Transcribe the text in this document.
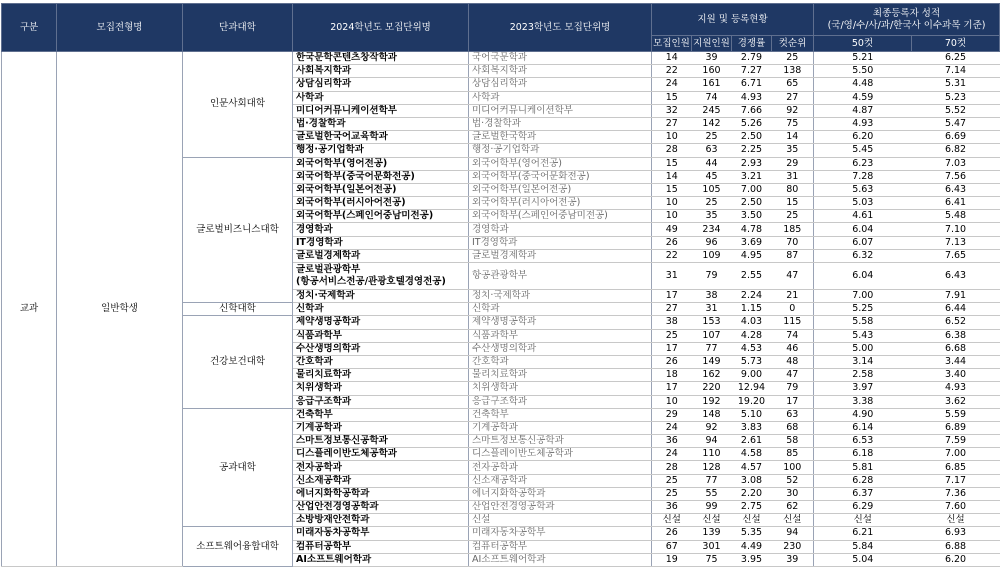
구분	모집전형명	단과대학	2024학년도 모집단위명	2023학년도 모집단위명	지원 및 등록현황				최종등록자 성적
(국/영/수/사/과/한국사 이수과목 기준)	
					모집인원	지원인원	경쟁률	컷순위	50컷	70컷
교과	일반학생	인문사회대학	한국문학콘텐츠창작학과	국어국문학과	14	39	2.79	25	5.21	6.25
			사회복지학과	사회복지학과	22	160	7.27	138	5.50	7.14
			상담심리학과	상담심리학과	24	161	6.71	65	4.48	5.31
			사학과	사학과	15	74	4.93	27	4.59	5.23
			미디어커뮤니케이션학부	미디어커뮤니케이션학부	32	245	7.66	92	4.87	5.52
			법·경찰학과	법·경찰학과	27	142	5.26	75	4.93	5.47
			글로벌한국어교육학과	글로벌한국학과	10	25	2.50	14	6.20	6.69
			행정·공기업학과	행정·공기업학과	28	63	2.25	35	5.45	6.82
		글로벌비즈니스대학	외국어학부(영어전공)	외국어학부(영어전공)	15	44	2.93	29	6.23	7.03
			외국어학부(중국어문화전공)	외국어학부(중국어문화전공)	14	45	3.21	31	7.28	7.56
			외국어학부(일본어전공)	외국어학부(일본어전공)	15	105	7.00	80	5.63	6.43
			외국어학부(러시아어전공)	외국어학부(러시아어전공)	10	25	2.50	15	5.03	6.41
			외국어학부(스페인어중남미전공)	외국어학부(스페인어중남미전공)	10	35	3.50	25	4.61	5.48
			경영학과	경영학과	49	234	4.78	185	6.04	7.10
			IT경영학과	IT경영학과	26	96	3.69	70	6.07	7.13
			글로벌경제학과	글로벌경제학과	22	109	4.95	87	6.32	7.65
			글로벌관광학부
(항공서비스전공/관광호텔경영전공)	항공관광학부	31	79	2.55	47	6.04	6.43
			정치·국제학과	정치·국제학과	17	38	2.24	21	7.00	7.91
		신학대학	신학과	신학과	27	31	1.15	0	5.25	6.44
		건강보건대학	제약생명공학과	제약생명공학과	38	153	4.03	115	5.58	6.52
			식품과학부	식품과학부	25	107	4.28	74	5.43	6.38
			수산생명의학과	수산생명의학과	17	77	4.53	46	5.00	6.68
			간호학과	간호학과	26	149	5.73	48	3.14	3.44
			물리치료학과	물리치료학과	18	162	9.00	47	2.58	3.40
			치위생학과	치위생학과	17	220	12.94	79	3.97	4.93
			응급구조학과	응급구조학과	10	192	19.20	17	3.38	3.62
		공과대학	건축학부	건축학부	29	148	5.10	63	4.90	5.59
			기계공학과	기계공학과	24	92	3.83	68	6.14	6.89
			스마트정보통신공학과	스마트정보통신공학과	36	94	2.61	58	6.53	7.59
			디스플레이반도체공학과	디스플레이반도체공학과	24	110	4.58	85	6.18	7.00
			전자공학과	전자공학과	28	128	4.57	100	5.81	6.85
			신소재공학과	신소재공학과	25	77	3.08	52	6.28	7.17
			에너지화학공학과	에너지화학공학과	25	55	2.20	30	6.37	7.36
			산업안전경영공학과	산업안전경영공학과	36	99	2.75	62	6.29	7.60
			소방방재안전학과	신설	신설	신설	신설	신설	신설	신설
		소프트웨어융합대학	미래자동차공학부	미래자동차공학부	26	139	5.35	94	6.21	6.93
			컴퓨터공학부	컴퓨터공학부	67	301	4.49	230	5.84	6.88
			AI소프트웨어학과	AI소프트웨어학과	19	75	3.95	39	5.04	6.20
